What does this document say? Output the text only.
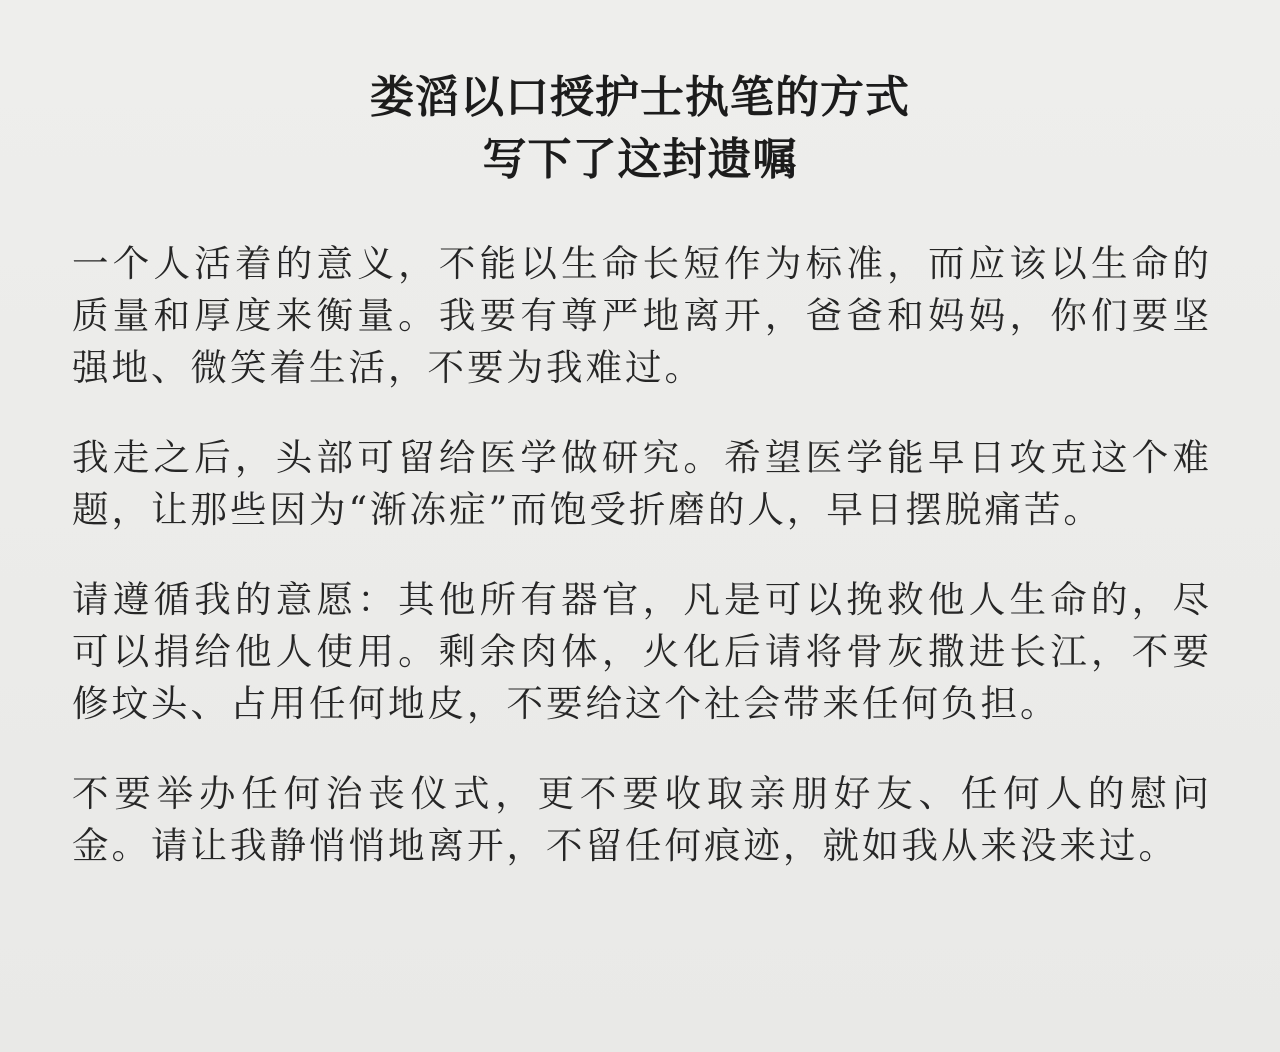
娄滔以口授护士执笔的方式
写下了这封遗嘱

一个人活着的意义，不能以生命长短作为标准，而应该以生命的质量和厚度来衡量。我要有尊严地离开，爸爸和妈妈，你们要坚强地、微笑着生活，不要为我难过。

我走之后，头部可留给医学做研究。希望医学能早日攻克这个难题，让那些因为“渐冻症”而饱受折磨的人，早日摆脱痛苦。

请遵循我的意愿：其他所有器官，凡是可以挽救他人生命的，尽可以捐给他人使用。剩余肉体，火化后请将骨灰撒进长江，不要修坟头、占用任何地皮，不要给这个社会带来任何负担。

不要举办任何治丧仪式，更不要收取亲朋好友、任何人的慰问金。请让我静悄悄地离开，不留任何痕迹，就如我从来没来过。
